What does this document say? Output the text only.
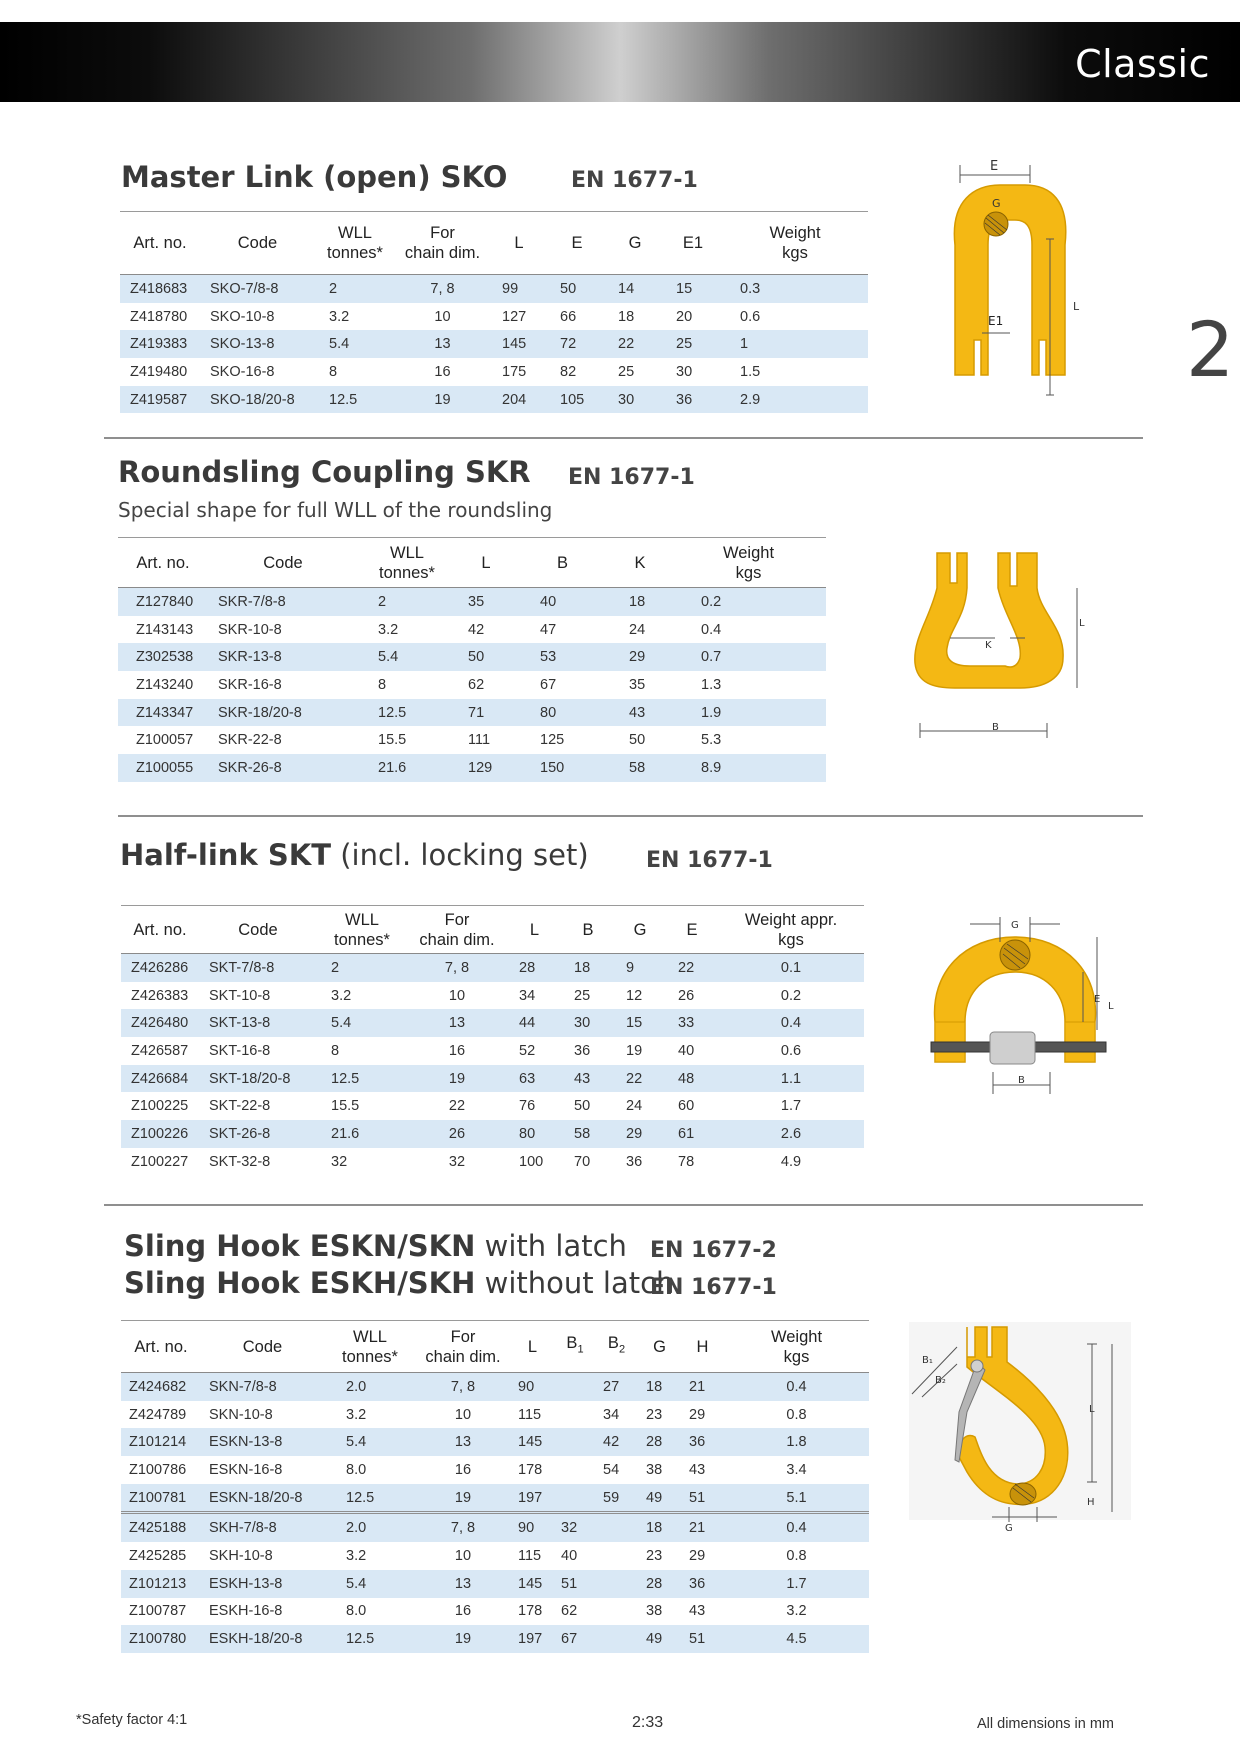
Classic
2
Master Link (open) SKO	EN 1677-1
Art. no.	Code	WLL
tonnes*	For
chain dim.	L	E	G	E1	Weight
kgs
Z418683	SKO-7/8-8	2	7, 8	99	50	14	15	0.3
Z418780	SKO-10-8	3.2	10	127	66	18	20	0.6
Z419383	SKO-13-8	5.4	13	145	72	22	25	1
Z419480	SKO-16-8	8	16	175	82	25	30	1.5
Z419587	SKO-18/20-8	12.5	19	204	105	30	36	2.9
E
G
E1
L
Roundsling Coupling SKR
Special shape for full WLL of the roundsling
EN 1677-1
Art. no.	Code	WLL
tonnes*	L	B	K	Weight
kgs
Z127840	SKR-7/8-8	2	35	40	18	0.2
Z143143	SKR-10-8	3.2	42	47	24	0.4
Z302538	SKR-13-8	5.4	50	53	29	0.7
Z143240	SKR-16-8	8	62	67	35	1.3
Z143347	SKR-18/20-8	12.5	71	80	43	1.9
Z100057	SKR-22-8	15.5	111	125	50	5.3
Z100055	SKR-26-8	21.6	129	150	58	8.9
K
B
L
Half-link SKT (incl. locking set)	EN 1677-1
Art. no.	Code	WLL
tonnes*	For
chain dim.	L	B	G	E	Weight appr.
kgs
Z426286	SKT-7/8-8	2	7, 8	28	18	9	22	0.1
Z426383	SKT-10-8	3.2	10	34	25	12	26	0.2
Z426480	SKT-13-8	5.4	13	44	30	15	33	0.4
Z426587	SKT-16-8	8	16	52	36	19	40	0.6
Z426684	SKT-18/20-8	12.5	19	63	43	22	48	1.1
Z100225	SKT-22-8	15.5	22	76	50	24	60	1.7
Z100226	SKT-26-8	21.6	26	80	58	29	61	2.6
Z100227	SKT-32-8	32	32	100	70	36	78	4.9
G
E
L
B
Sling Hook ESKN/SKN with latch EN 1677-2
Sling Hook ESKH/SKH without latch
EN 1677-1
Art. no.	Code	WLL
tonnes*	For
chain dim.	L	$B_1$	$B_2$	G	H	Weight
kgs
Z424682	SKN-7/8-8	2.0	7, 8	90		27	18	21	0.4
Z424789	SKN-10-8	3.2	10	115		34	23	29	0.8
Z101214	ESKN-13-8	5.4	13	145		42	28	36	1.8
Z100786	ESKN-16-8	8.0	16	178		54	38	43	3.4
Z100781	ESKN-18/20-8	12.5	19	197		59	49	51	5.1
Z425188	SKH-7/8-8	2.0	7, 8	90	32		18	21	0.4
Z425285	SKH-10-8	3.2	10	115	40		23	29	0.8
Z101213	ESKH-13-8	5.4	13	145	51		28	36	1.7
Z100787	ESKH-16-8	8.0	16	178	62		38	43	3.2
Z100780	ESKH-18/20-8	12.5	19	197	67		49	51	4.5
B₁
B₂
L
H
G
*Safety factor 4:1	2:33	All dimensions in mm
